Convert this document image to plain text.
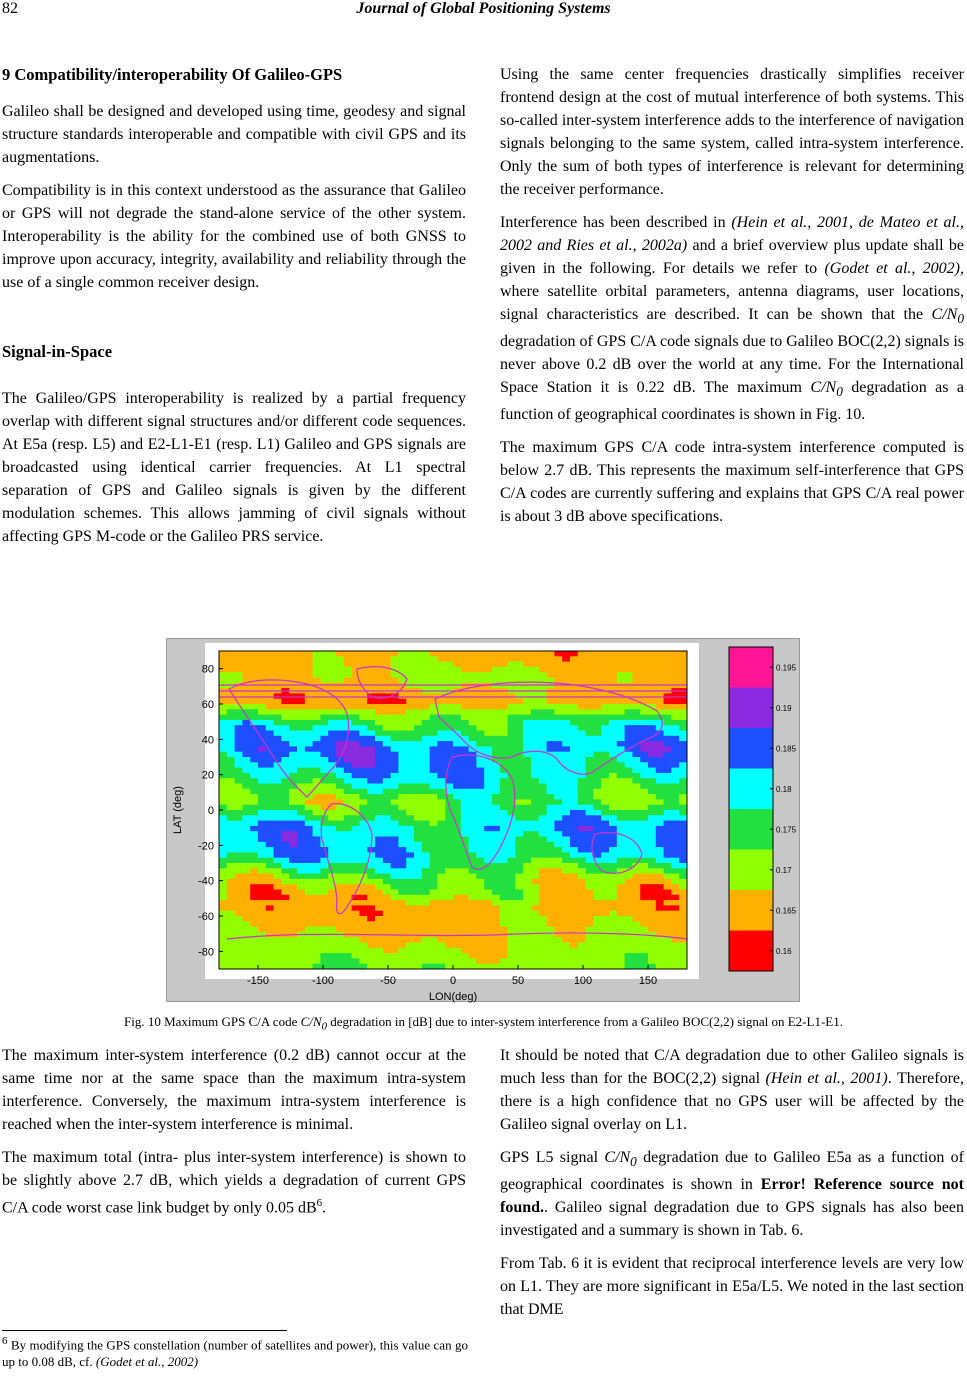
82	Journal of Global Positioning Systems
9 Compatibility/interoperability Of Galileo-GPS

Galileo shall be designed and developed using time, geodesy and signal structure standards interoperable and compatible with civil GPS and its augmentations.

Compatibility is in this context understood as the assurance that Galileo or GPS will not degrade the stand-alone service of the other system. Interoperability is the ability for the combined use of both GNSS to improve upon accuracy, integrity, availability and reliability through the use of a single common receiver design.

Signal-in-Space

The Galileo/GPS interoperability is realized by a partial frequency overlap with different signal structures and/or different code sequences. At E5a (resp. L5) and E2-L1-E1 (resp. L1) Galileo and GPS signals are broadcasted using identical carrier frequencies. At L1 spectral separation of GPS and Galileo signals is given by the different modulation schemes. This allows jamming of civil signals without affecting GPS M-code or the Galileo PRS service.

Using the same center frequencies drastically simplifies receiver frontend design at the cost of mutual interference of both systems. This so-called inter-system interference adds to the interference of navigation signals belonging to the same system, called intra-system interference. Only the sum of both types of interference is relevant for determining the receiver performance.

Interference has been described in (Hein et al., 2001, de Mateo et al., 2002 and Ries et al., 2002a) and a brief overview plus update shall be given in the following. For details we refer to (Godet et al., 2002), where satellite orbital parameters, antenna diagrams, user locations, signal characteristics are described. It can be shown that the $C/N_0$ degradation of GPS C/A code signals due to Galileo BOC(2,2) signals is never above 0.2 dB over the world at any time. For the International Space Station it is 0.22 dB. The maximum $C/N_0$ degradation as a function of geographical coordinates is shown in Fig. 10.

The maximum GPS C/A code intra-system interference computed is below 2.7 dB. This represents the maximum self-interference that GPS C/A codes are currently suffering and explains that GPS C/A real power is about 3 dB above specifications.

-150	-100	-50	0	50	100	150
80
60
40
20
0
-20
-40
-60
-80
LON(deg)
LAT (deg)
0.195
0.19
0.185
0.18
0.175
0.17
0.165
0.16
Fig. 10 Maximum GPS C/A code $C/N_0$ degradation in [dB] due to inter-system interference from a Galileo BOC(2,2) signal on E2-L1-E1.

The maximum inter-system interference (0.2 dB) cannot occur at the same time nor at the same space than the maximum intra-system interference. Conversely, the maximum intra-system interference is reached when the inter-system interference is minimal.

The maximum total (intra- plus inter-system interference) is shown to be slightly above 2.7 dB, which yields a degradation of current GPS C/A code worst case link budget by only 0.05 $dB^6$.

It should be noted that C/A degradation due to other Galileo signals is much less than for the BOC(2,2) signal (Hein et al., 2001). Therefore, there is a high confidence that no GPS user will be affected by the Galileo signal overlay on L1.

GPS L5 signal $C/N_0$ degradation due to Galileo E5a as a function of geographical coordinates is shown in Error! Reference source not found.. Galileo signal degradation due to GPS signals has also been investigated and a summary is shown in Tab. 6.

From Tab. 6 it is evident that reciprocal interference levels are very low on L1. They are more significant in E5a/L5. We noted in the last section that DME

$^6$ By modifying the GPS constellation (number of satellites and power), this value can go up to 0.08 dB, cf. (Godet et al., 2002)
